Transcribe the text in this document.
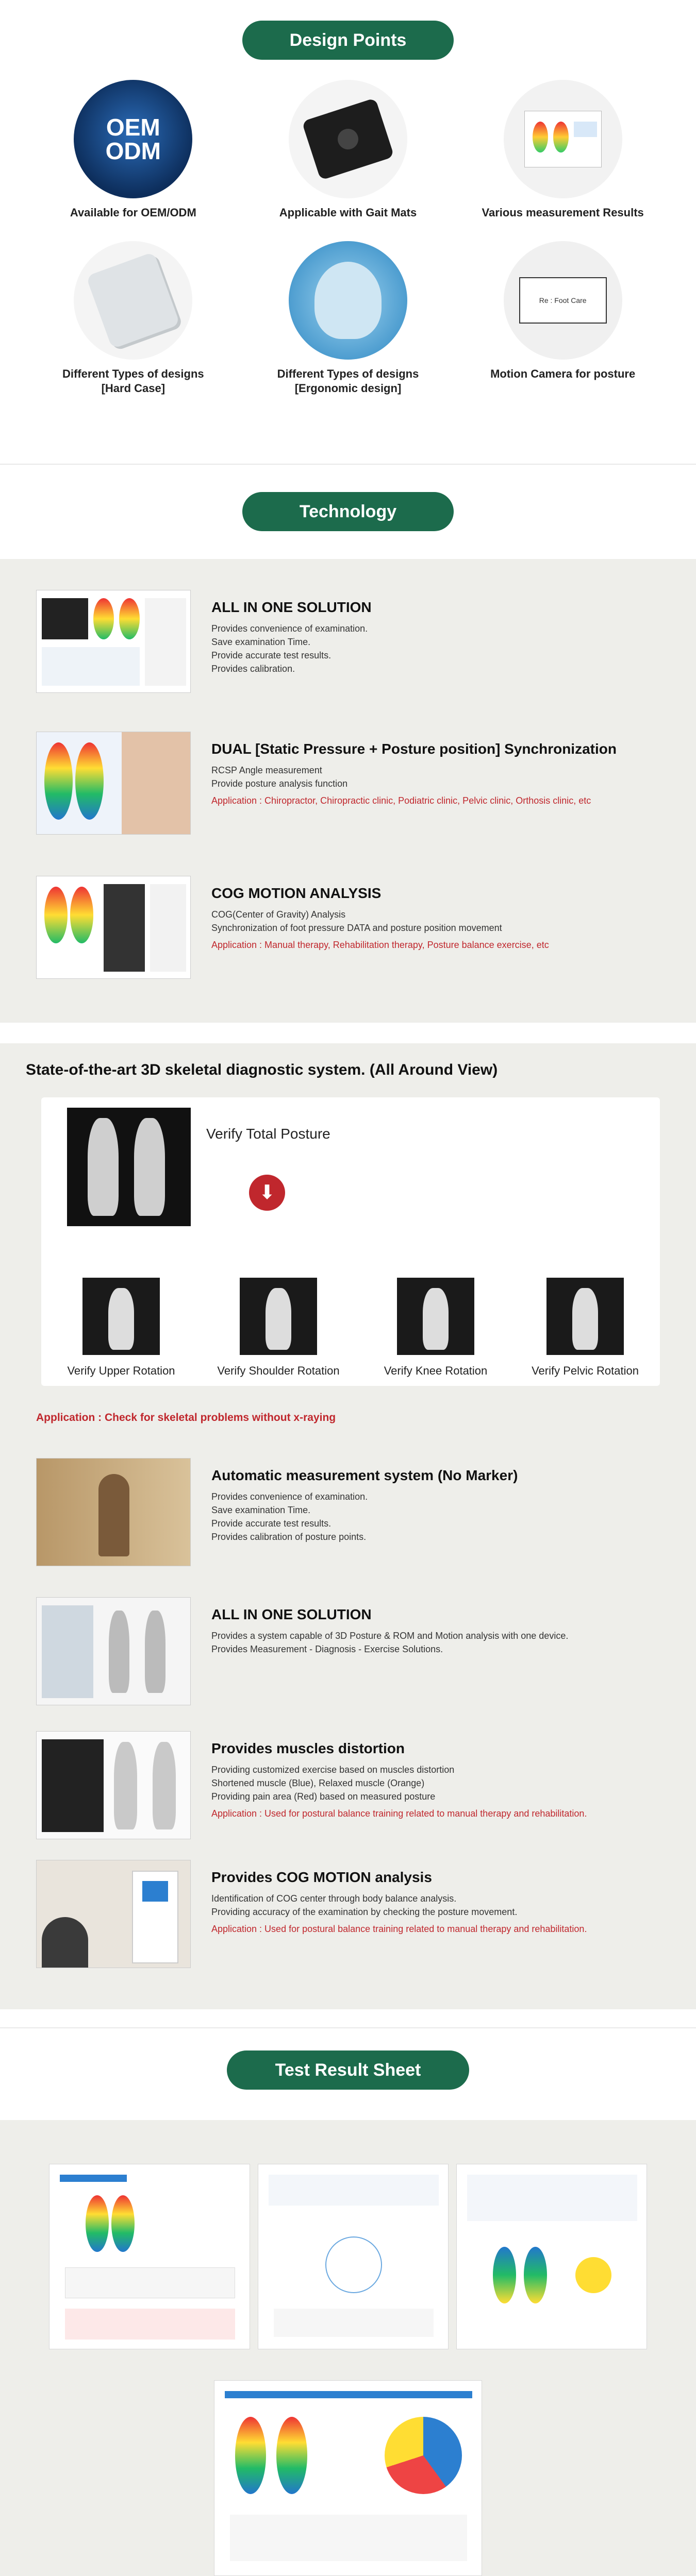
Design Points
OEM
ODM
Available for OEM/ODM	Applicable with Gait Mats	Various measurement Results
Different Types of designs
[Hard Case]
Different Types of designs
[Ergonomic design]
Re : Foot Care
Motion Camera for posture
Technology
ALL IN ONE SOLUTION
Provides convenience of examination.
Save examination Time.
Provide accurate test results.
Provides calibration.
DUAL [Static Pressure + Posture position] Synchronization
RCSP Angle measurement
Provide posture analysis function
Application : Chiropractor, Chiropractic clinic, Podiatric clinic, Pelvic clinic, Orthosis clinic, etc
COG MOTION ANALYSIS
COG(Center of Gravity) Analysis
Synchronization of foot pressure DATA and posture position movement
Application : Manual therapy, Rehabilitation therapy, Posture balance exercise, etc
State-of-the-art 3D skeletal diagnostic system. (All Around View)
Verify Total Posture
⬇
Verify Upper Rotation	Verify Shoulder Rotation	Verify Knee Rotation	Verify Pelvic Rotation
Application : Check for skeletal problems without x-raying
Automatic measurement system (No Marker)
Provides convenience of examination.
Save examination Time.
Provide accurate test results.
Provides calibration of posture points.
ALL IN ONE SOLUTION
Provides a system capable of 3D Posture & ROM and Motion analysis with one device.
Provides Measurement - Diagnosis - Exercise Solutions.
Provides muscles distortion
Providing customized exercise based on muscles distortion
Shortened muscle (Blue), Relaxed muscle (Orange)
Providing pain area (Red) based on measured posture
Application : Used for postural balance training related to manual therapy and rehabilitation.
Provides COG MOTION analysis
Identification of COG center through body balance analysis.
Providing accuracy of the examination by checking the posture movement.
Application : Used for postural balance training related to manual therapy and rehabilitation.
Test Result Sheet
